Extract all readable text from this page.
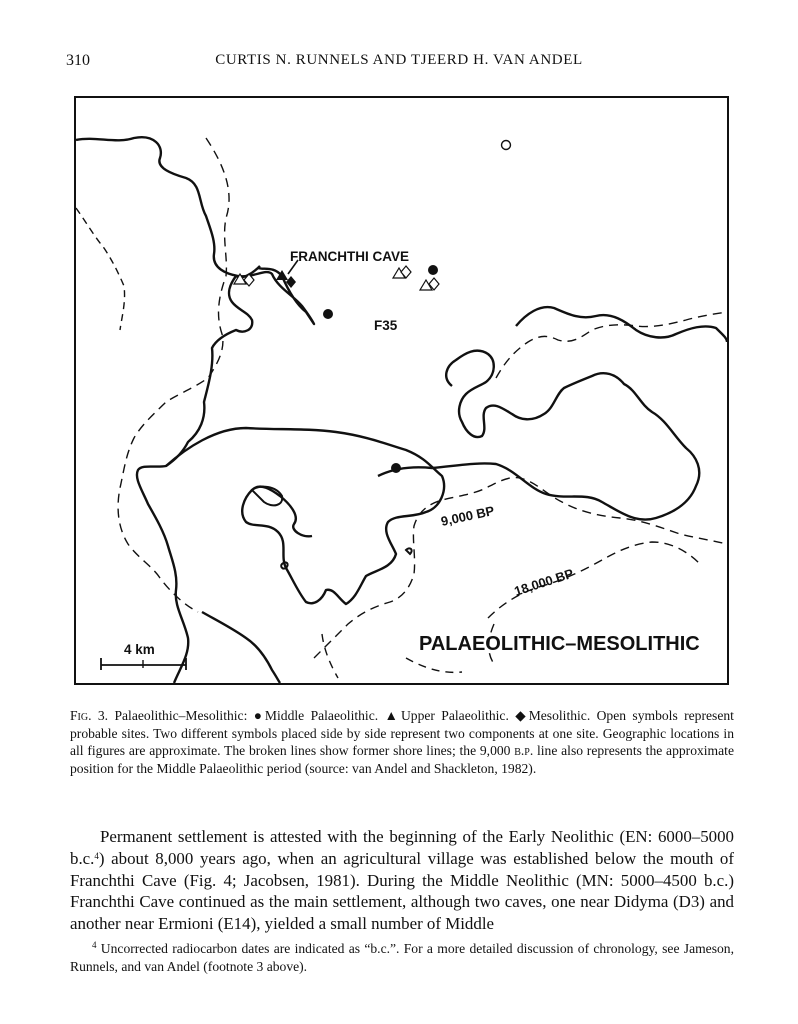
310	CURTIS N. RUNNELS AND TJEERD H. VAN ANDEL
FRANCHTHI CAVE
F35
9,000 BP
18,000 BP
4 km	PALAEOLITHIC–MESOLITHIC
Fig. 3. Palaeolithic–Mesolithic: ●Middle Palaeolithic. ▲Upper Palaeolithic. ◆Mesolithic. Open symbols represent probable sites. Two different symbols placed side by side represent two components at one site. Geographic locations in all figures are approximate. The broken lines show former shore lines; the 9,000 b.p. line also represents the approximate position for the Middle Palaeolithic period (source: van Andel and Shackleton, 1982).
Permanent settlement is attested with the beginning of the Early Neolithic (EN: 6000–5000 b.c.$^4$) about 8,000 years ago, when an agricultural village was established below the mouth of Franchthi Cave (Fig. 4; Jacobsen, 1981). During the Middle Neolithic (MN: 5000–4500 b.c.) Franchthi Cave continued as the main settlement, although two caves, one near Didyma (D3) and another near Ermioni (E14), yielded a small number of Middle
$^4$ Uncorrected radiocarbon dates are indicated as “b.c.”. For a more detailed discussion of chronology, see Jameson, Runnels, and van Andel (footnote 3 above).
